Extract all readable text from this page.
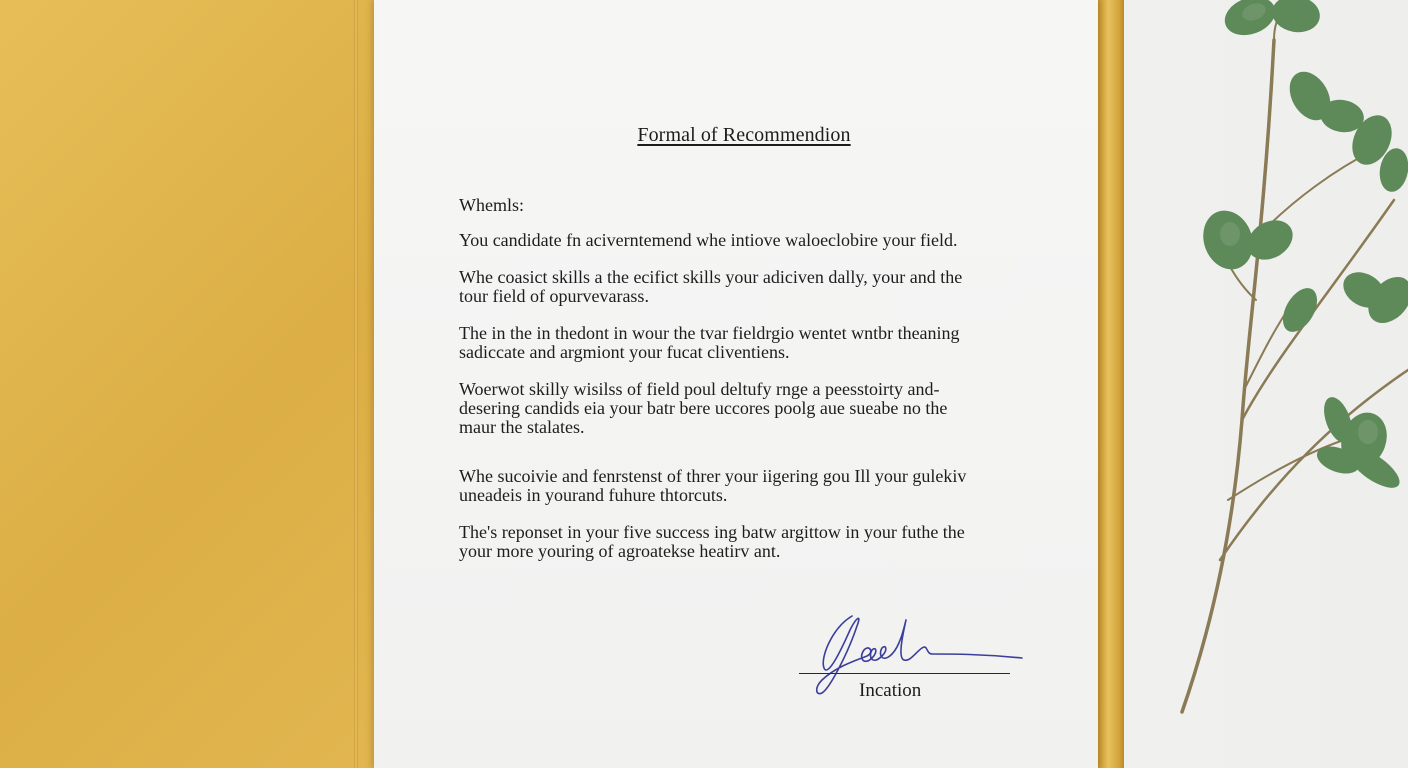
Formal of Recommendion
Whemls:
You candidate fn aciverntemend whe intiove waloeclobire your field.
Whe coasict skills a the ecifict skills your adiciven dally, your and the
tour field of opurvevarass.
The in the in thedont in wour the tvar fieldrgio wentet wntbr theaning
sadiccate and argmiont your fucat cliventiens.
Woerwot skilly wisilss of field poul deltufy rnge a peesstoirty and-
desering candids eia your batr bere uccores poolg aue sueabe no the
maur the stalates.
Whe sucoivie and fenrstenst of threr your iigering gou Ill your gulekiv
uneadeis in yourand fuhure thtorcuts.
The's reponset in your five success ing batw argittow in your futhe the
your more youring of agroatekse heatirv ant.
Incation
